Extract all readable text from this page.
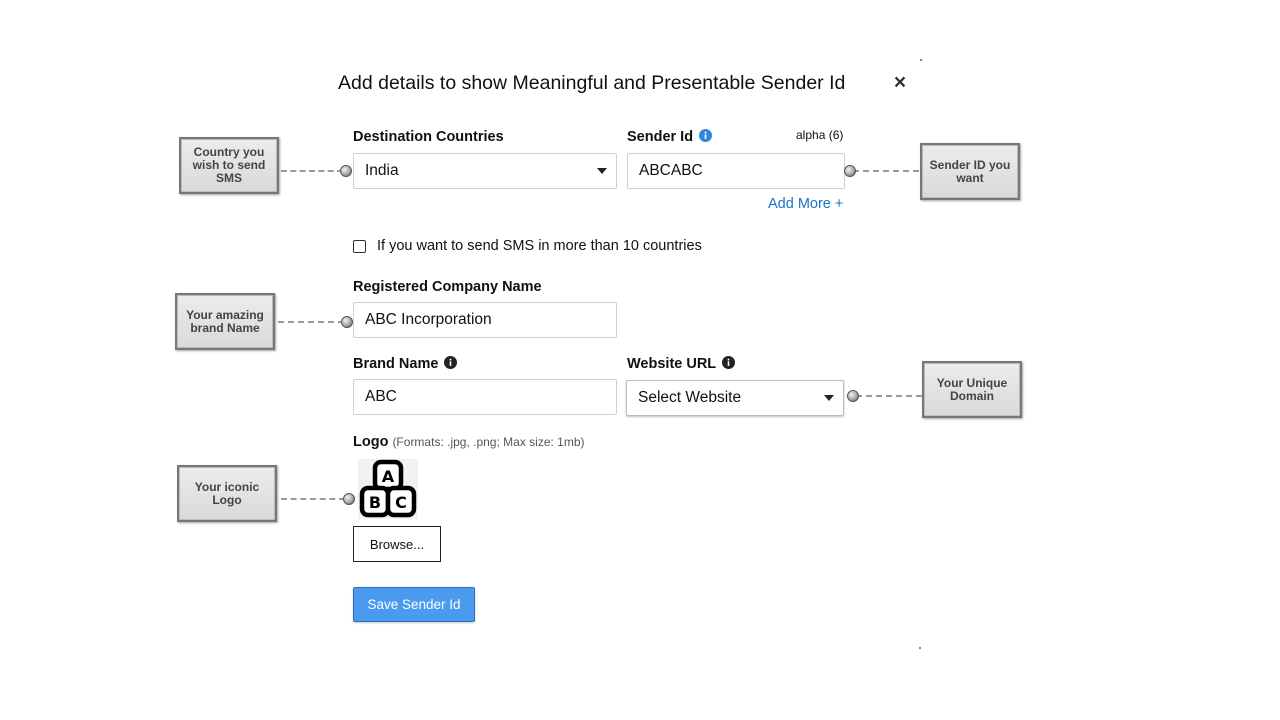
Add details to show Meaningful and Presentable Sender Id ×
Destination Countries
India
Sender Id	alpha (6)
ABCABC
Add More +
If you want to send SMS in more than 10 countries
Registered Company Name
ABC Incorporation
Brand Name
ABC
Website URL
Select Website
Logo (Formats: .jpg, .png; Max size: 1mb)
A
B C
Browse...
Save Sender Id
Country you wish to send SMS
Sender ID you want
Your amazing brand Name
Your Unique Domain
Your iconic Logo
